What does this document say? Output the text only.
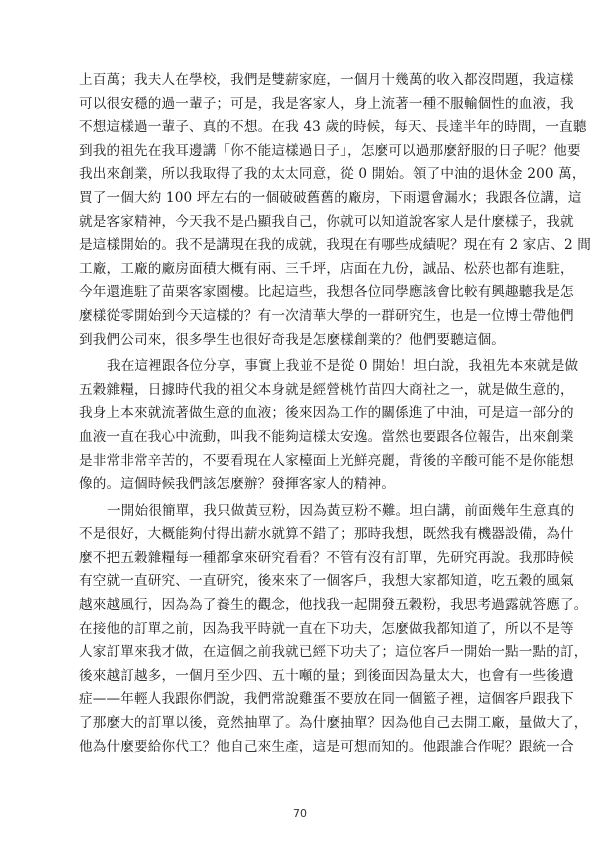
上百萬；我夫人在學校，我們是雙薪家庭，一個月十幾萬的收入都沒問題，我這樣
可以很安穩的過一輩子；可是，我是客家人，身上流著一種不服輸個性的血液，我
不想這樣過一輩子、真的不想。在我 43 歲的時候，每天、長達半年的時間，一直聽
到我的祖先在我耳邊講「你不能這樣過日子」，怎麼可以過那麼舒服的日子呢？他要
我出來創業，所以我取得了我的太太同意，從 0 開始。領了中油的退休金 200 萬，
買了一個大約 100 坪左右的一個破破舊舊的廠房，下雨還會漏水；我跟各位講，這
就是客家精神，今天我不是凸顯我自己，你就可以知道說客家人是什麼樣子，我就
是這樣開始的。我不是講現在我的成就，我現在有哪些成績呢？現在有 2 家店、2 間
工廠，工廠的廠房面積大概有兩、三千坪，店面在九份，誠品、松菸也都有進駐，
今年還進駐了苗栗客家園樓。比起這些，我想各位同學應該會比較有興趣聽我是怎
麼樣從零開始到今天這樣的？有一次清華大學的一群研究生，也是一位博士帶他們
到我們公司來，很多學生也很好奇我是怎麼樣創業的？他們要聽這個。
我在這裡跟各位分享，事實上我並不是從 0 開始！坦白說，我祖先本來就是做
五穀雜糧，日據時代我的祖父本身就是經營桃竹苗四大商社之一，就是做生意的，
我身上本來就流著做生意的血液；後來因為工作的關係進了中油，可是這一部分的
血液一直在我心中流動，叫我不能夠這樣太安逸。當然也要跟各位報告，出來創業
是非常非常辛苦的，不要看現在人家檯面上光鮮亮麗，背後的辛酸可能不是你能想
像的。這個時候我們該怎麼辦？發揮客家人的精神。
一開始很簡單，我只做黃豆粉，因為黃豆粉不難。坦白講，前面幾年生意真的
不是很好，大概能夠付得出薪水就算不錯了；那時我想，既然我有機器設備，為什
麼不把五穀雜糧每一種都拿來研究看看？不管有沒有訂單，先研究再說。我那時候
有空就一直研究、一直研究，後來來了一個客戶，我想大家都知道，吃五穀的風氣
越來越風行，因為為了養生的觀念，他找我一起開發五穀粉，我思考過露就答應了。
在接他的訂單之前，因為我平時就一直在下功夫，怎麼做我都知道了，所以不是等
人家訂單來我才做，在這個之前我就已經下功夫了；這位客戶一開始一點一點的訂，
後來越訂越多，一個月至少四、五十噸的量；到後面因為量太大，也會有一些後遺
症——年輕人我跟你們說，我們常說雞蛋不要放在同一個籃子裡，這個客戶跟我下
了那麼大的訂單以後，竟然抽單了。為什麼抽單？因為他自己去開工廠，量做大了，
他為什麼要給你代工？他自己來生產，這是可想而知的。他跟誰合作呢？跟統一合
70
